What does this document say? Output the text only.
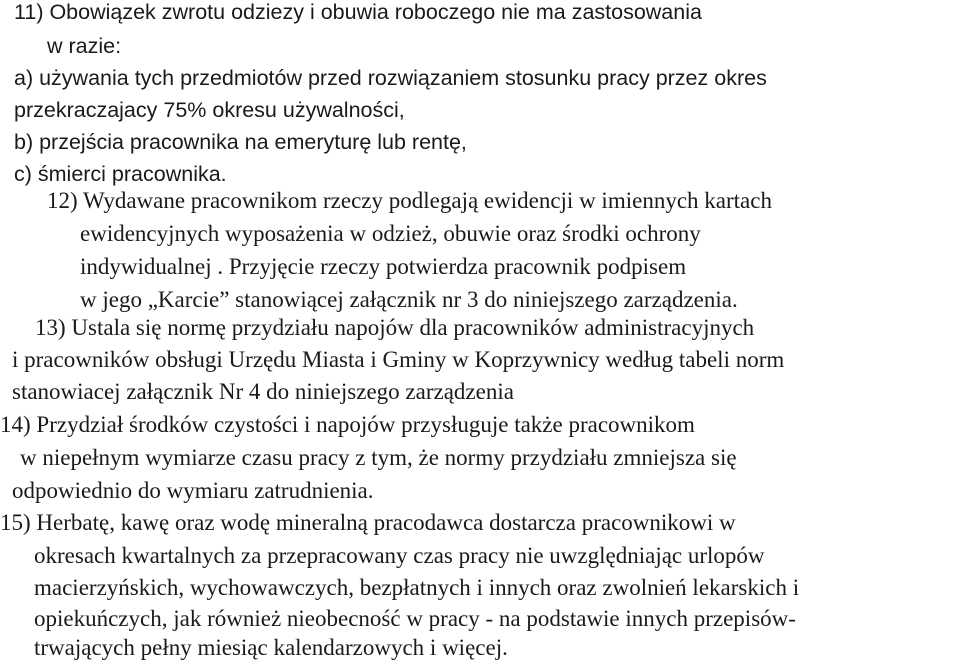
11) Obowiązek zwrotu odziezy i obuwia roboczego nie ma zastosowania
w razie:
a) używania tych przedmiotów przed rozwiązaniem stosunku pracy przez okres
przekraczajacy 75% okresu używalności,
b) przejścia pracownika na emeryturę lub rentę,
c) śmierci pracownika.
12) Wydawane pracownikom rzeczy podlegają ewidencji w imiennych kartach
ewidencyjnych wyposażenia w odzież, obuwie oraz środki ochrony
indywidualnej . Przyjęcie rzeczy potwierdza pracownik podpisem
w jego „Karcie” stanowiącej załącznik nr 3 do niniejszego zarządzenia.
13) Ustala się normę przydziału napojów dla pracowników administracyjnych
i pracowników obsługi Urzędu Miasta i Gminy w Koprzywnicy według tabeli norm
stanowiacej załącznik Nr 4 do niniejszego zarządzenia
14) Przydział środków czystości i napojów przysługuje także pracownikom
w niepełnym wymiarze czasu pracy z tym, że normy przydziału zmniejsza się
odpowiednio do wymiaru zatrudnienia.
15) Herbatę, kawę oraz wodę mineralną pracodawca dostarcza pracownikowi w
okresach kwartalnych za przepracowany czas pracy nie uwzględniając urlopów
macierzyńskich, wychowawczych, bezpłatnych i innych oraz zwolnień lekarskich i
opiekuńczych, jak również nieobecność w pracy - na podstawie innych przepisów-
trwających pełny miesiąc kalendarzowych i więcej.
